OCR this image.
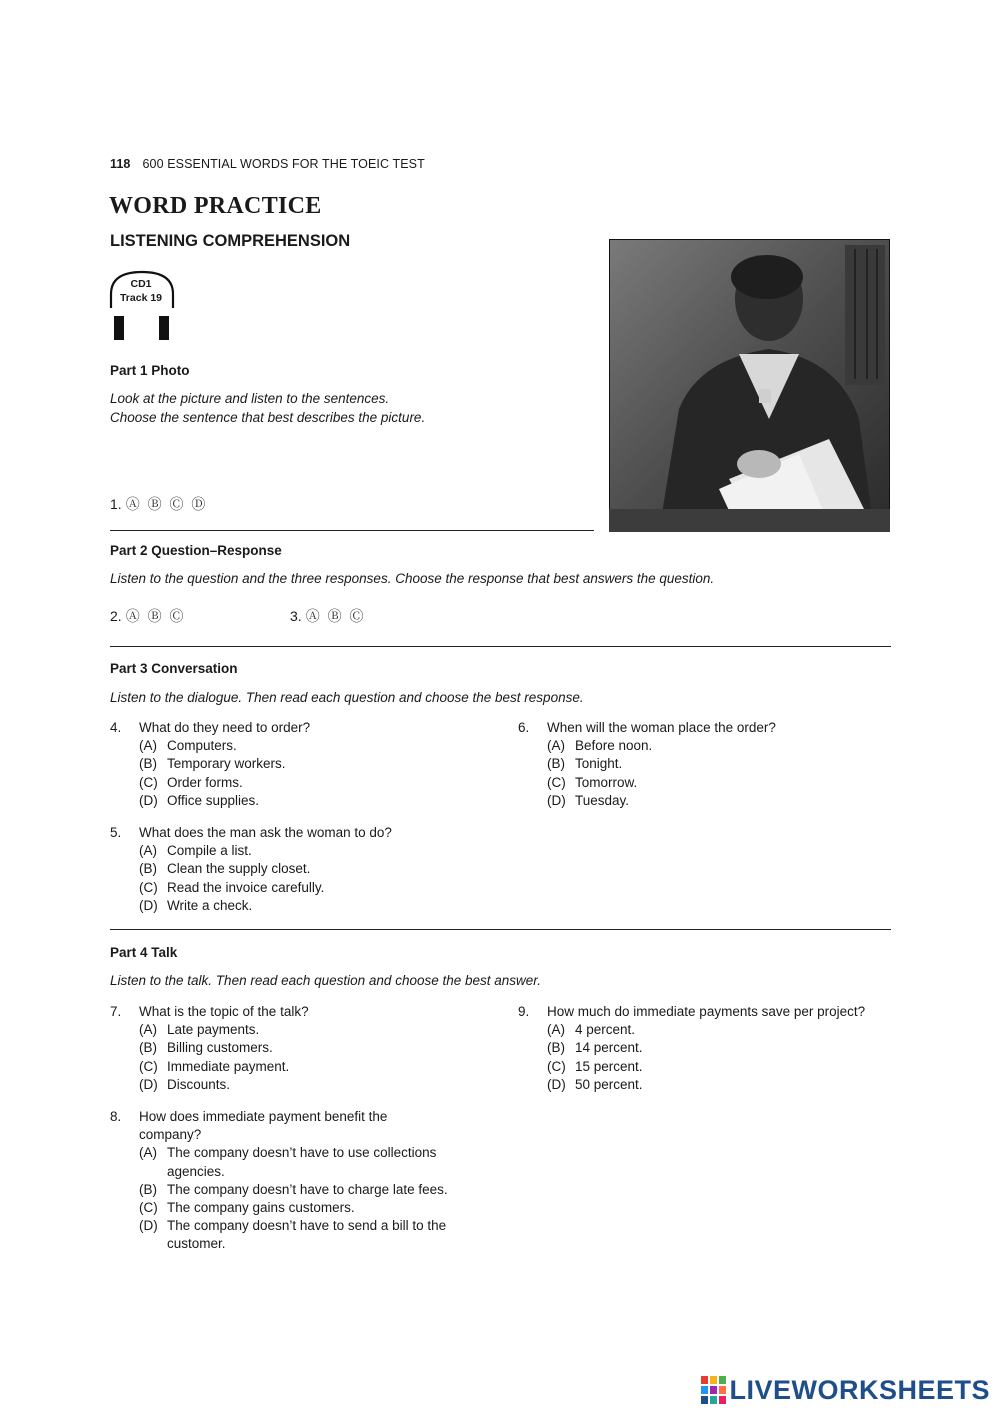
118 600 ESSENTIAL WORDS FOR THE TOEIC TEST
WORD PRACTICE
LISTENING COMPREHENSION
CD1
Track 19
Part 1 Photo
Look at the picture and listen to the sentences.
Choose the sentence that best describes the picture.
1. Ⓐ Ⓑ Ⓒ Ⓓ
Part 2 Question–Response
Listen to the question and the three responses. Choose the response that best answers the question.
2. Ⓐ Ⓑ Ⓒ	3. Ⓐ Ⓑ Ⓒ
Part 3 Conversation
Listen to the dialogue. Then read each question and choose the best response.
4.	What do they need to order?
(A) Computers.
(B) Temporary workers.
(C) Order forms.
(D) Office supplies.
5.	What does the man ask the woman to do?
(A) Compile a list.
(B) Clean the supply closet.
(C) Read the invoice carefully.
(D) Write a check.
6.	When will the woman place the order?
(A) Before noon.
(B) Tonight.
(C) Tomorrow.
(D) Tuesday.
Part 4 Talk
Listen to the talk. Then read each question and choose the best answer.
7.	What is the topic of the talk?
(A) Late payments.
(B) Billing customers.
(C) Immediate payment.
(D) Discounts.
8.	How does immediate payment benefit the company?
(A) The company doesn’t have to use collections agencies.
(B) The company doesn’t have to charge late fees.
(C) The company gains customers.
(D) The company doesn’t have to send a bill to the customer.
9.	How much do immediate payments save per project?
(A) 4 percent.
(B) 14 percent.
(C) 15 percent.
(D) 50 percent.
LIVEWORKSHEETS
